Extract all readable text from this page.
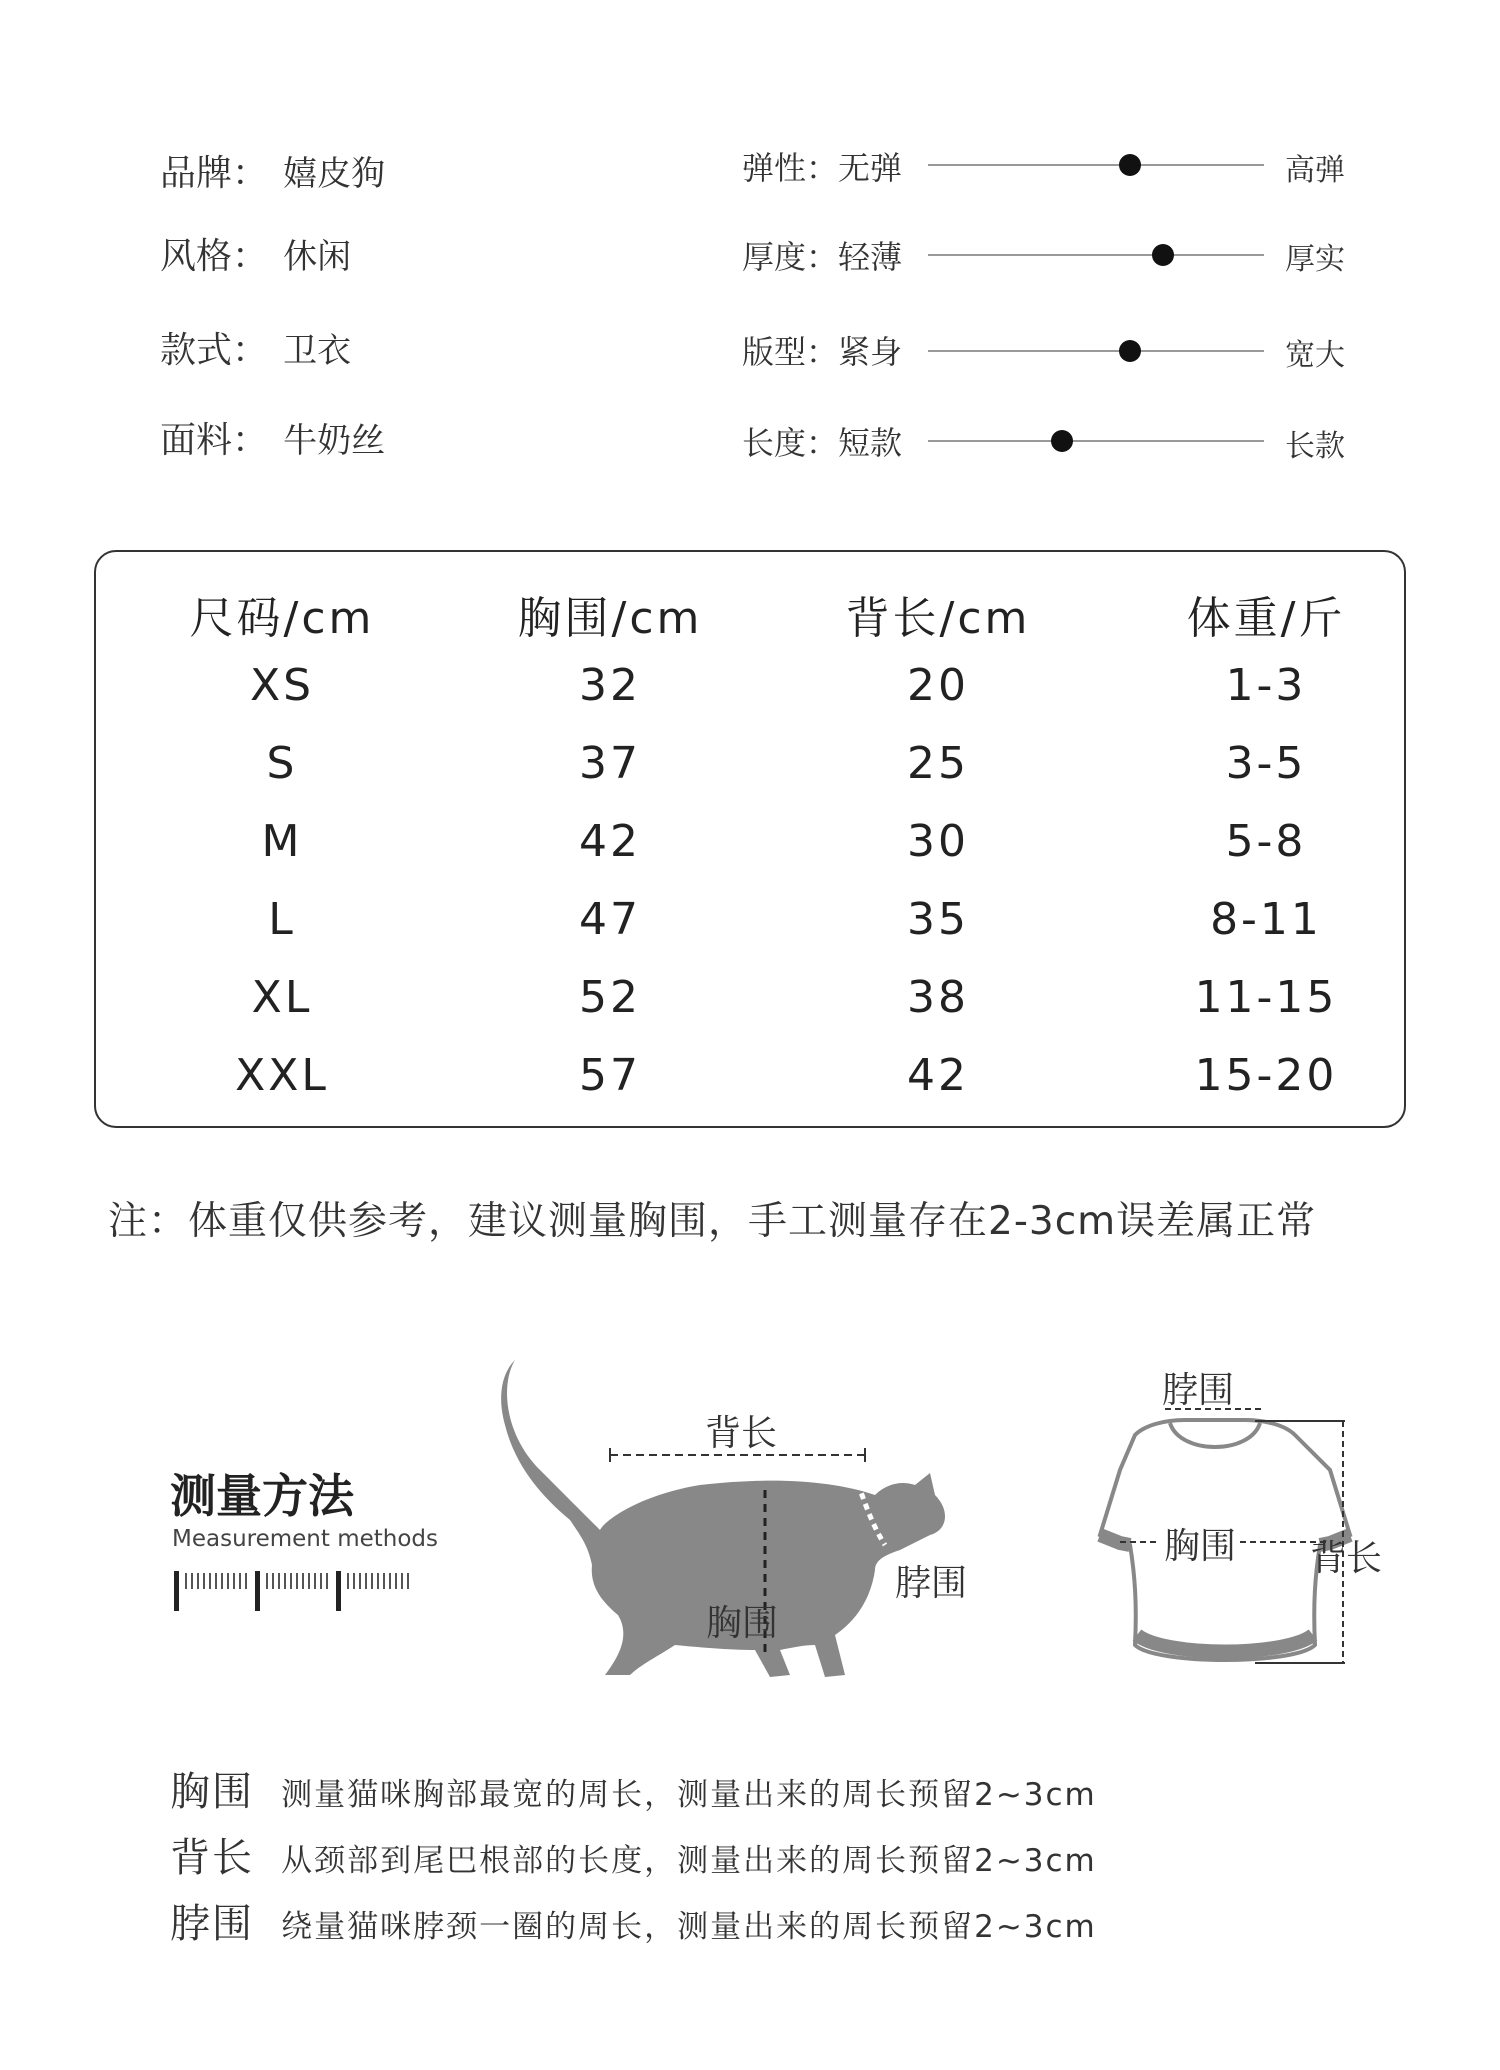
品牌： 嬉皮狗
风格： 休闲
款式： 卫衣
面料： 牛奶丝
弹性：无弹	高弹
厚度：轻薄	厚实
版型：紧身	宽大
长度：短款	长款
尺码/cm	胸围/cm	背长/cm	体重/斤
XS	32	20	1-3
S	37	25	3-5
M	42	30	5-8
L	47	35	8-11
XL	52	38	11-15
XXL	57	42	15-20
注：体重仅供参考，建议测量胸围，手工测量存在2-3cm误差属正常
测量方法
Measurement methods
背长
脖围
胸围
脖围
胸围 背长
胸围 测量猫咪胸部最宽的周长，测量出来的周长预留2~3cm
背长 从颈部到尾巴根部的长度，测量出来的周长预留2~3cm
脖围 绕量猫咪脖颈一圈的周长，测量出来的周长预留2~3cm
